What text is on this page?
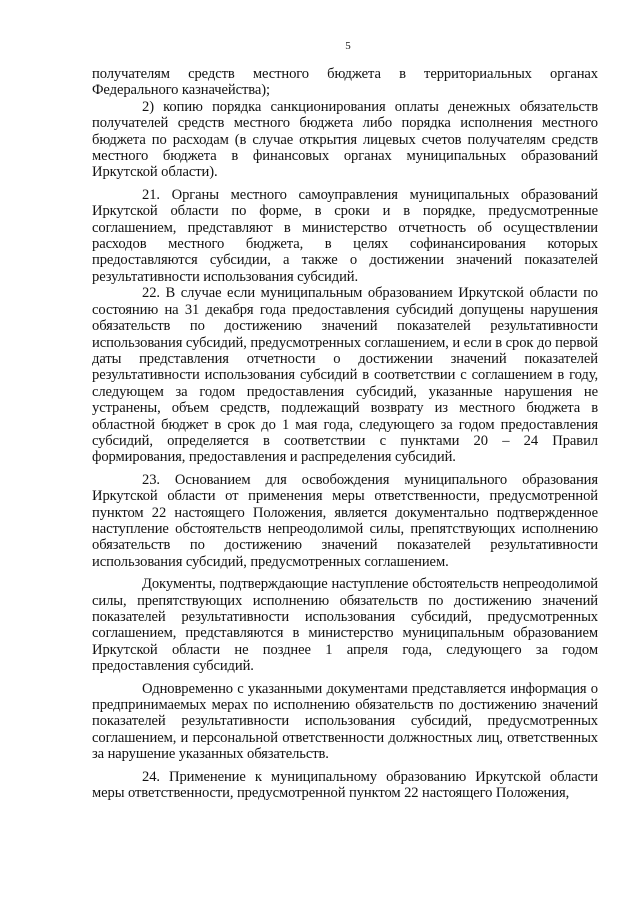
5

получателям средств местного бюджета в территориальных органах Федерального казначейства);

2) копию порядка санкционирования оплаты денежных обязательств получателей средств местного бюджета либо порядка исполнения местного бюджета по расходам (в случае открытия лицевых счетов получателям средств местного бюджета в финансовых органах муниципальных образований Иркутской области).

21. Органы местного самоуправления муниципальных образований Иркутской области по форме, в сроки и в порядке, предусмотренные соглашением, представляют в министерство отчетность об осуществлении расходов местного бюджета, в целях софинансирования которых предоставляются субсидии, а также о достижении значений показателей результативности использования субсидий.

22. В случае если муниципальным образованием Иркутской области по состоянию на 31 декабря года предоставления субсидий допущены нарушения обязательств по достижению значений показателей результативности использования субсидий, предусмотренных соглашением, и если в срок до первой даты представления отчетности о достижении значений показателей результативности использования субсидий в соответствии с соглашением в году, следующем за годом предоставления субсидий, указанные нарушения не устранены, объем средств, подлежащий возврату из местного бюджета в областной бюджет в срок до 1 мая года, следующего за годом предоставления субсидий, определяется в соответствии с пунктами 20 – 24 Правил формирования, предоставления и распределения субсидий.

23. Основанием для освобождения муниципального образования Иркутской области от применения меры ответственности, предусмотренной пунктом 22 настоящего Положения, является документально подтвержденное наступление обстоятельств непреодолимой силы, препятствующих исполнению обязательств по достижению значений показателей результативности использования субсидий, предусмотренных соглашением.

Документы, подтверждающие наступление обстоятельств непреодолимой силы, препятствующих исполнению обязательств по достижению значений показателей результативности использования субсидий, предусмотренных соглашением, представляются в министерство муниципальным образованием Иркутской области не позднее 1 апреля года, следующего за годом предоставления субсидий.

Одновременно с указанными документами представляется информация о предпринимаемых мерах по исполнению обязательств по достижению значений показателей результативности использования субсидий, предусмотренных соглашением, и персональной ответственности должностных лиц, ответственных за нарушение указанных обязательств.

24. Применение к муниципальному образованию Иркутской области меры ответственности, предусмотренной пунктом 22 настоящего Положения,
